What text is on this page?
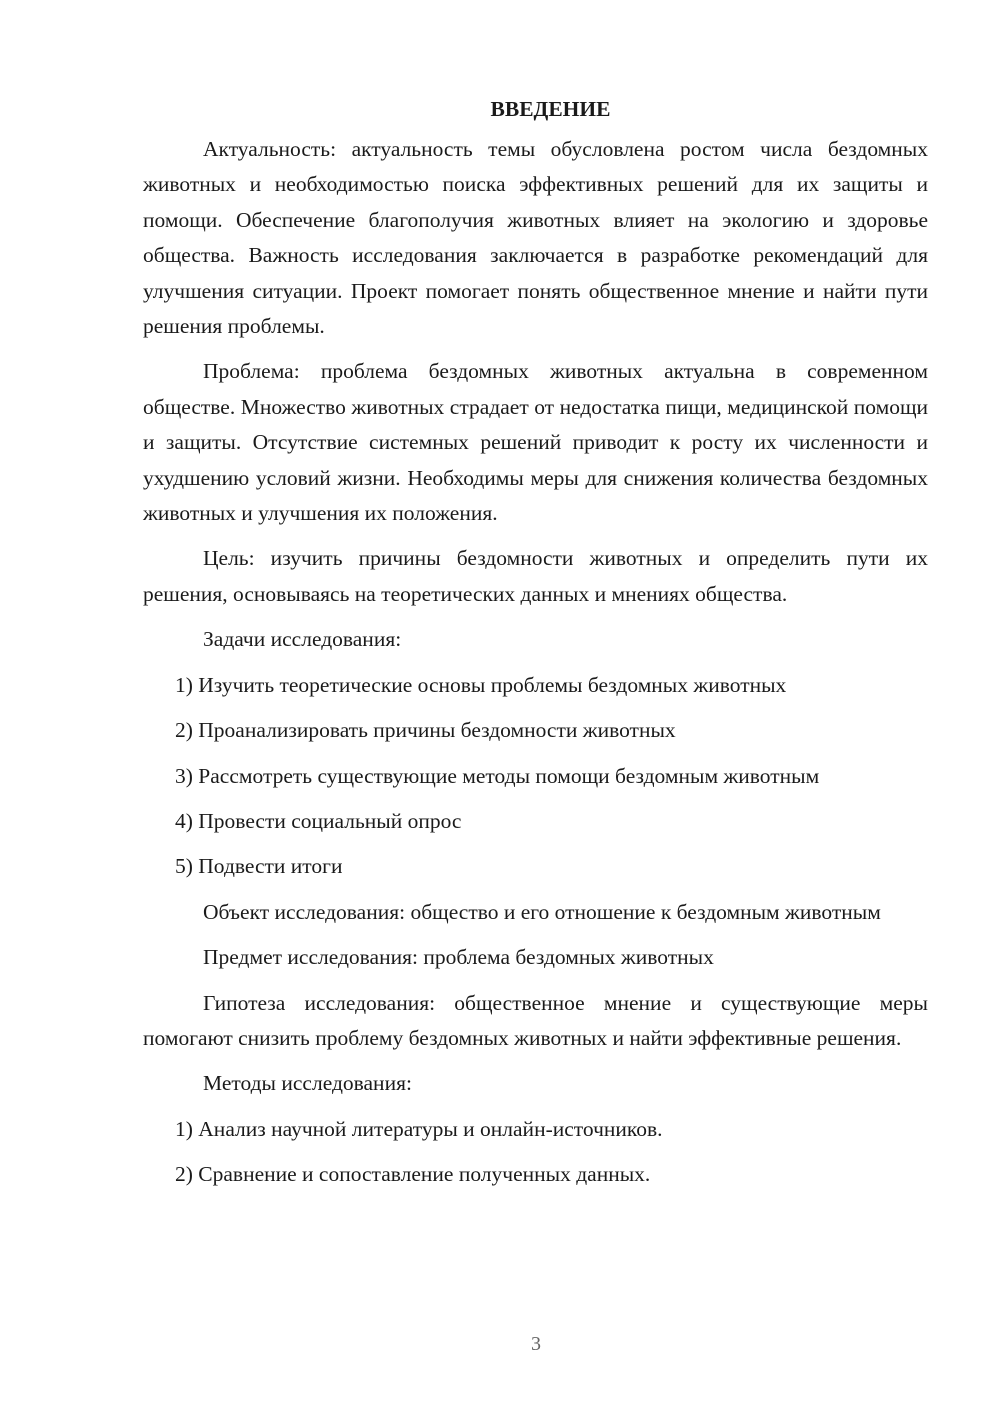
ВВЕДЕНИЕ

Актуальность: актуальность темы обусловлена ростом числа бездомных животных и необходимостью поиска эффективных решений для их защиты и помощи. Обеспечение благополучия животных влияет на экологию и здоровье общества. Важность исследования заключается в разработке рекомендаций для улучшения ситуации. Проект помогает понять общественное мнение и найти пути решения проблемы.

Проблема: проблема бездомных животных актуальна в современном обществе. Множество животных страдает от недостатка пищи, медицинской помощи и защиты. Отсутствие системных решений приводит к росту их численности и ухудшению условий жизни. Необходимы меры для снижения количества бездомных животных и улучшения их положения.

Цель: изучить причины бездомности животных и определить пути их решения, основываясь на теоретических данных и мнениях общества.

Задачи исследования:

1) Изучить теоретические основы проблемы бездомных животных

2) Проанализировать причины бездомности животных

3) Рассмотреть существующие методы помощи бездомным животным

4) Провести социальный опрос

5) Подвести итоги

Объект исследования: общество и его отношение к бездомным животным

Предмет исследования: проблема бездомных животных

Гипотеза исследования: общественное мнение и существующие меры помогают снизить проблему бездомных животных и найти эффективные решения.

Методы исследования:

1) Анализ научной литературы и онлайн-источников.

2) Сравнение и сопоставление полученных данных.

3
